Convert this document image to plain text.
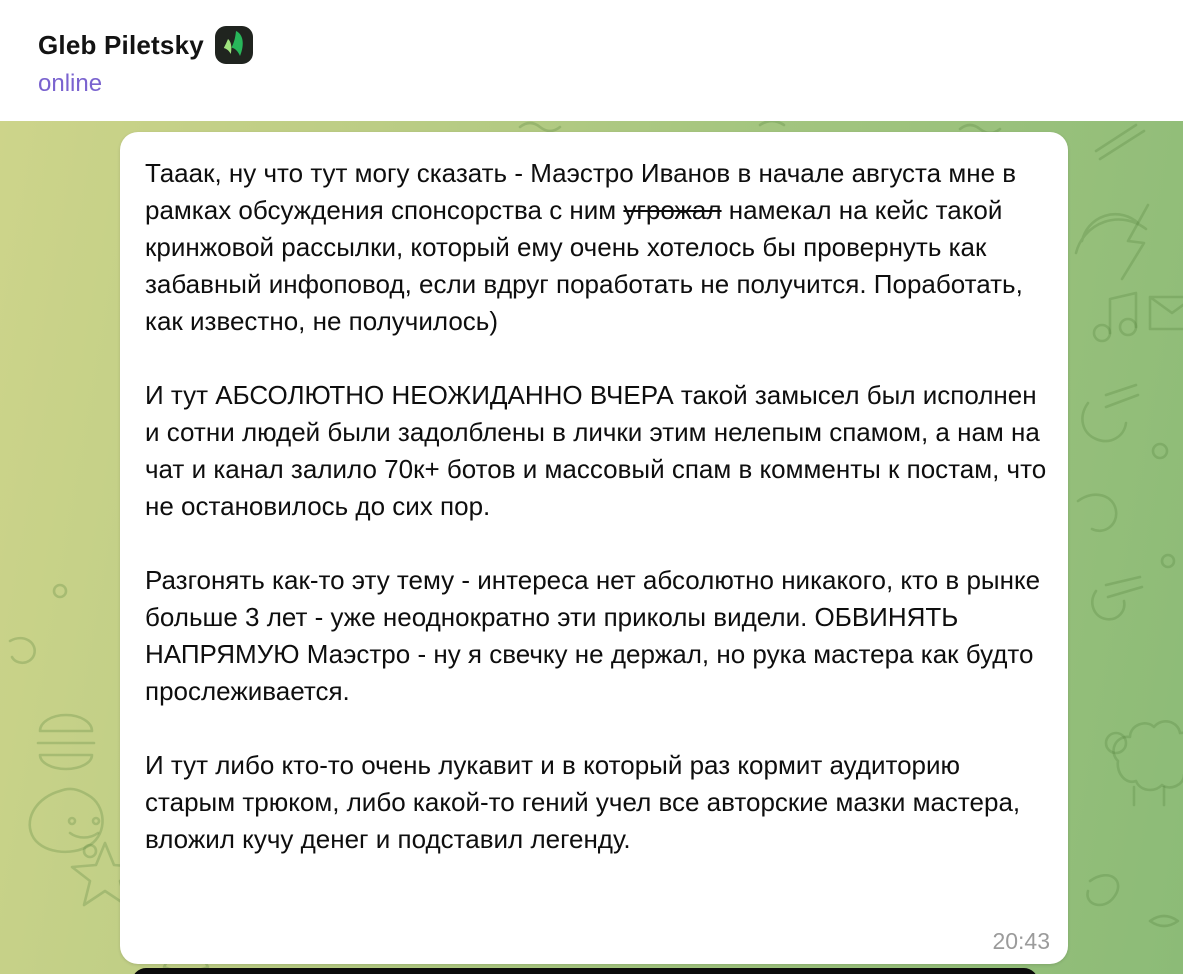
Gleb Piletsky
online

Тааак, ну что тут могу сказать - Маэстро Иванов в начале августа мне в рамках обсуждения спонсорства с ним угрожал намекал на кейс такой кринжовой рассылки, который ему очень хотелось бы провернуть как забавный инфоповод, если вдруг поработать не получится. Поработать, как известно, не получилось)

И тут АБСОЛЮТНО НЕОЖИДАННО ВЧЕРА такой замысел был исполнен и сотни людей были задолблены в лички этим нелепым спамом, а нам на чат и канал залило 70к+ ботов и массовый спам в комменты к постам, что не остановилось до сих пор.

Разгонять как-то эту тему - интереса нет абсолютно никакого, кто в рынке больше 3 лет - уже неоднократно эти приколы видели. ОБВИНЯТЬ НАПРЯМУЮ Маэстро - ну я свечку не держал, но рука мастера как будто прослеживается.

И тут либо кто-то очень лукавит и в который раз кормит аудиторию старым трюком, либо какой-то гений учел все авторские мазки мастера, вложил кучу денег и подставил легенду.

20:43
